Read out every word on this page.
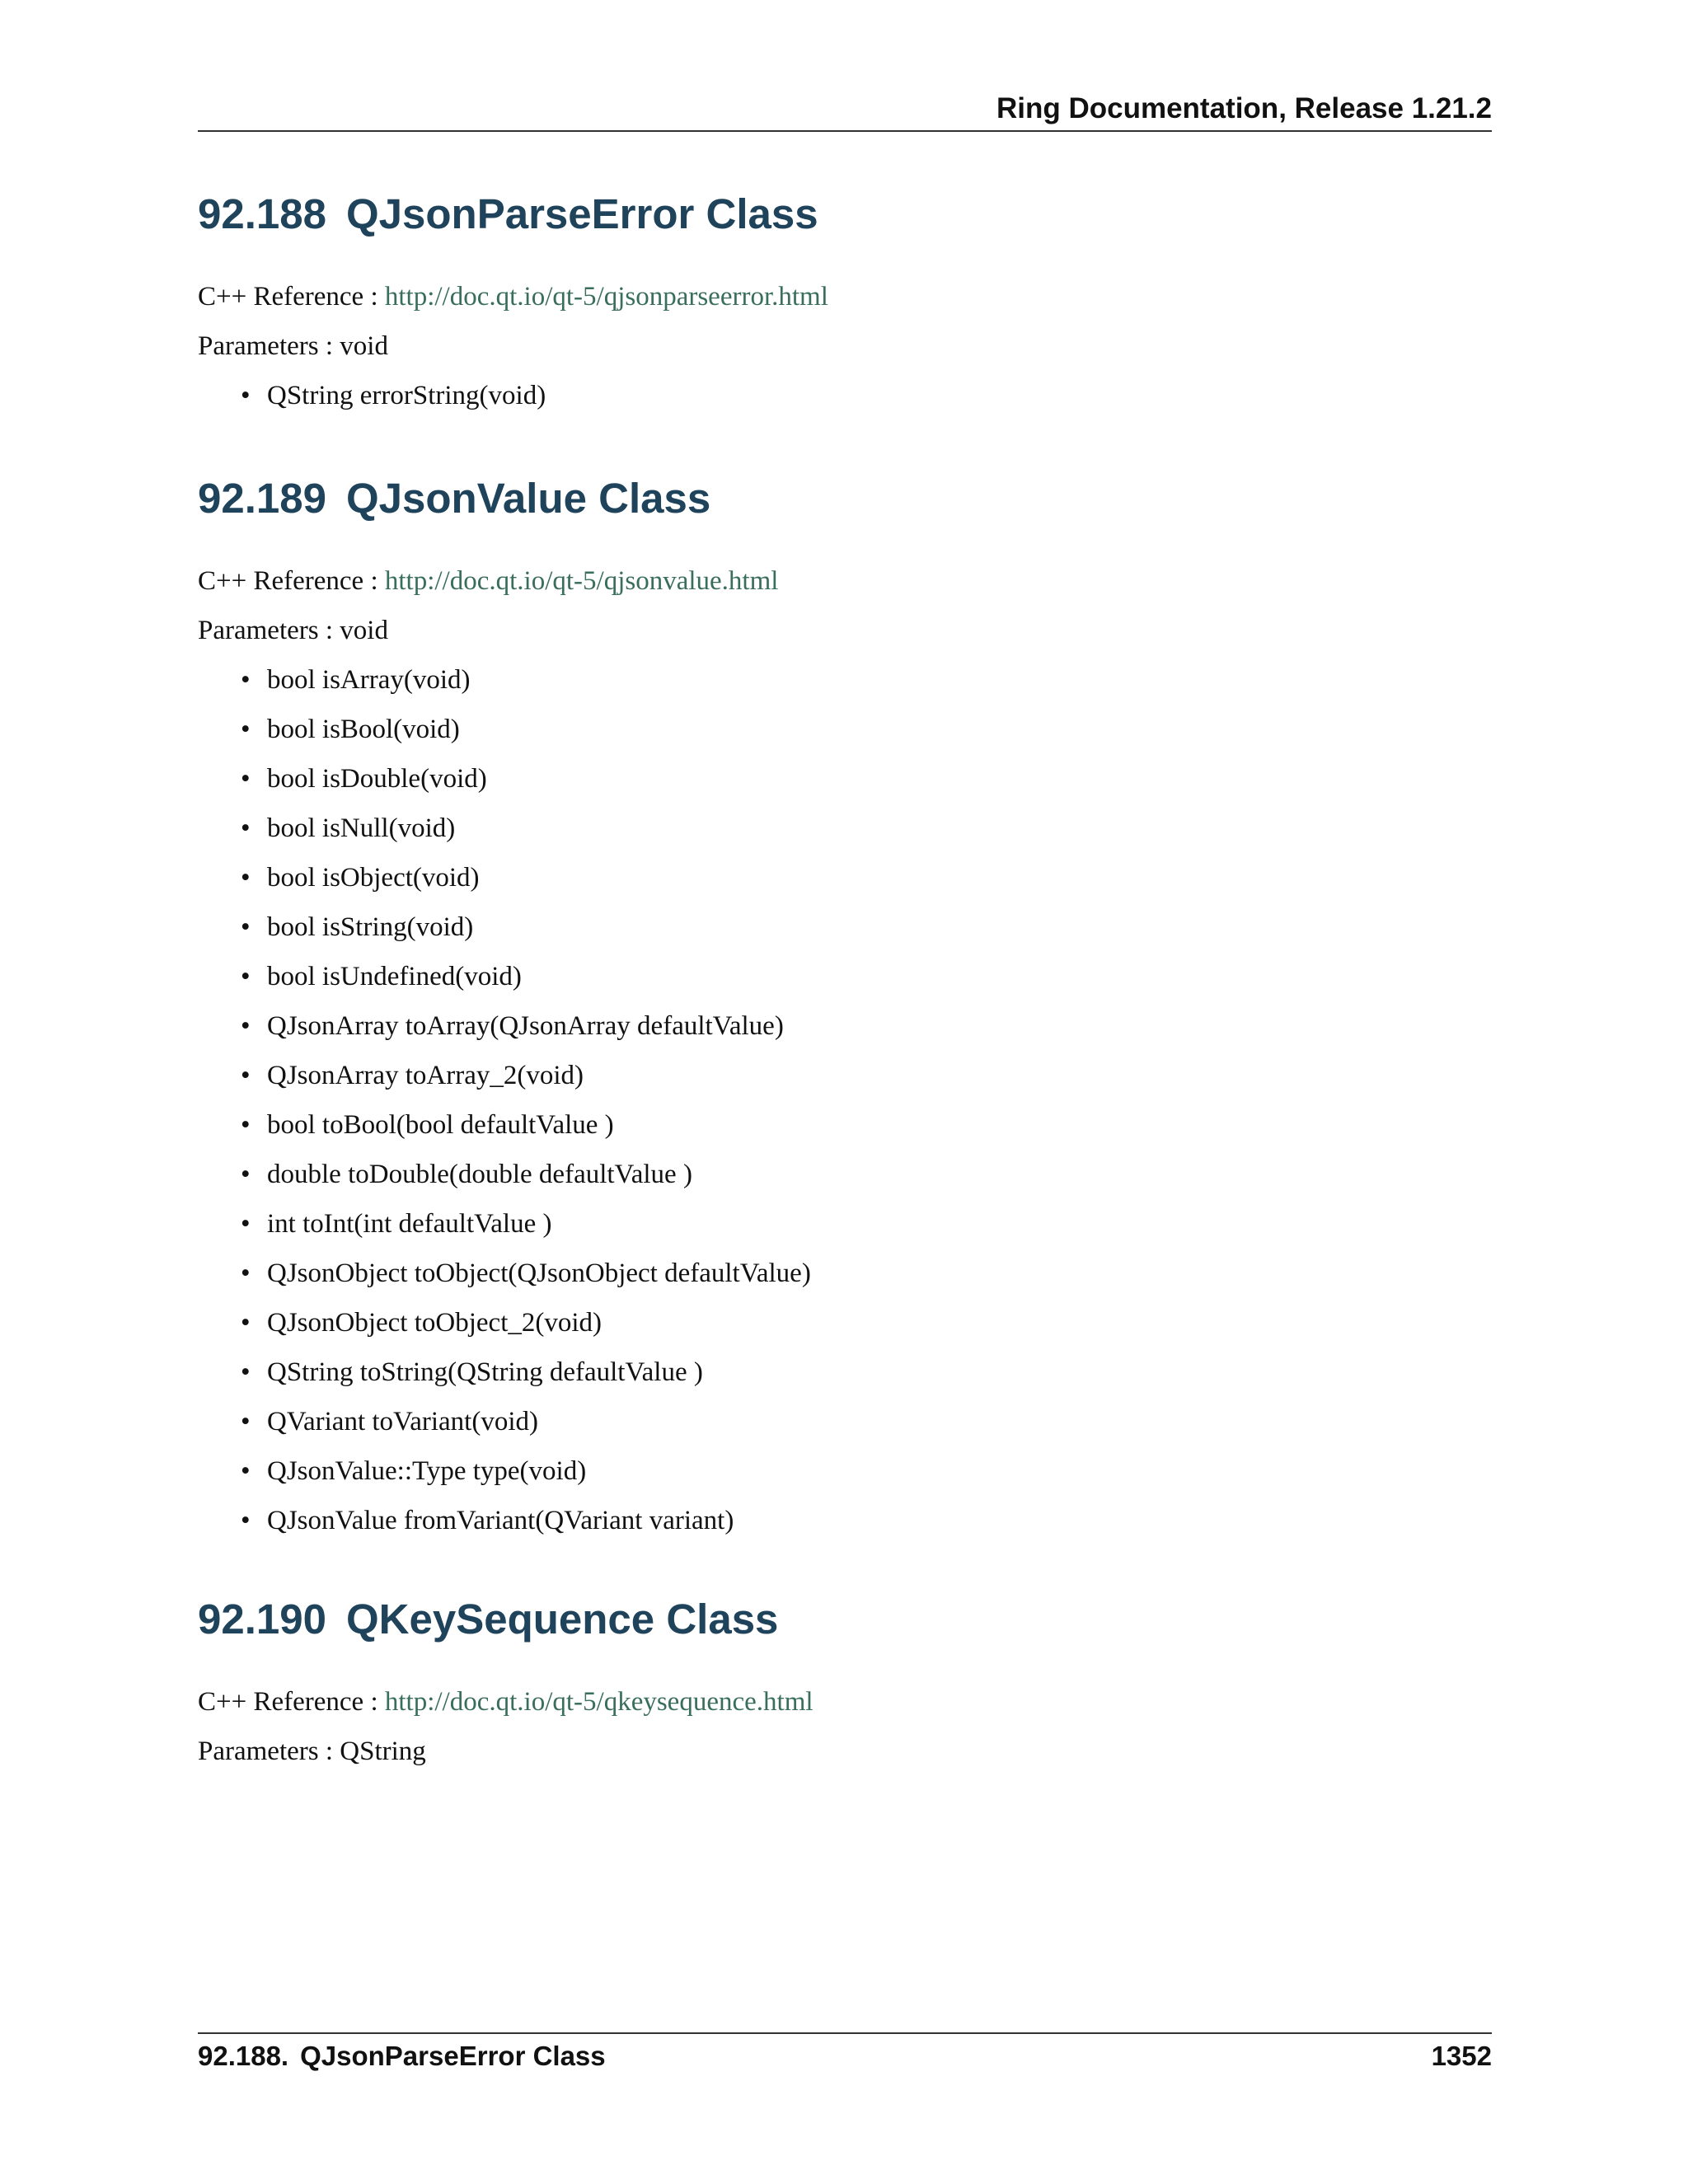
Ring Documentation, Release 1.21.2
92.188 QJsonParseError Class
C++ Reference : http://doc.qt.io/qt-5/qjsonparseerror.html
Parameters : void
• QString errorString(void)
92.189 QJsonValue Class
C++ Reference : http://doc.qt.io/qt-5/qjsonvalue.html
Parameters : void
• bool isArray(void)
• bool isBool(void)
• bool isDouble(void)
• bool isNull(void)
• bool isObject(void)
• bool isString(void)
• bool isUndefined(void)
• QJsonArray toArray(QJsonArray defaultValue)
• QJsonArray toArray_2(void)
• bool toBool(bool defaultValue )
• double toDouble(double defaultValue )
• int toInt(int defaultValue )
• QJsonObject toObject(QJsonObject defaultValue)
• QJsonObject toObject_2(void)
• QString toString(QString defaultValue )
• QVariant toVariant(void)
• QJsonValue::Type type(void)
• QJsonValue fromVariant(QVariant variant)
92.190 QKeySequence Class
C++ Reference : http://doc.qt.io/qt-5/qkeysequence.html
Parameters : QString
92.188. QJsonParseError Class	1352
